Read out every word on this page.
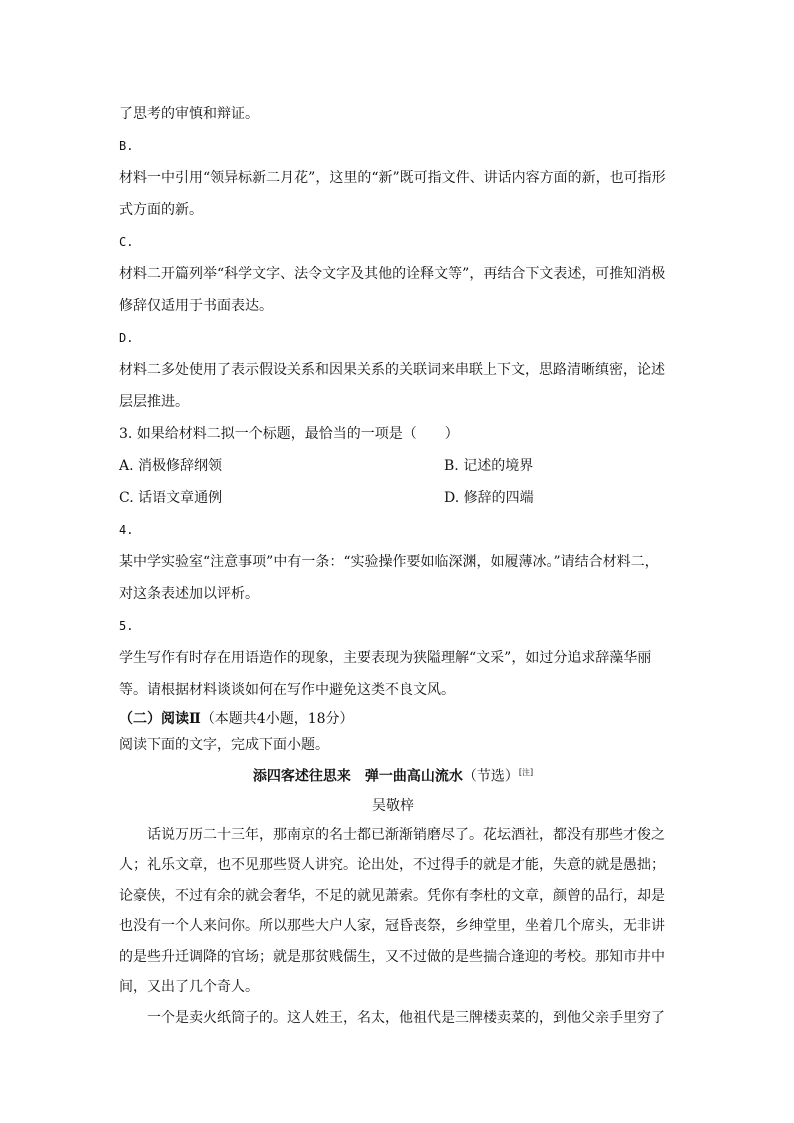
了思考的审慎和辩证。
B.
材料一中引用“领异标新二月花”，这里的“新”既可指文件、讲话内容方面的新，也可指形式方面的新。
C.
材料二开篇列举“科学文字、法令文字及其他的诠释文等”，再结合下文表述，可推知消极修辞仅适用于书面表达。
D.
材料二多处使用了表示假设关系和因果关系的关联词来串联上下文，思路清晰缜密，论述层层推进。
3. 如果给材料二拟一个标题，最恰当的一项是（　　）
A. 消极修辞纲领	B. 记述的境界
C. 话语文章通例	D. 修辞的四端
4.
某中学实验室“注意事项”中有一条：“实验操作要如临深渊，如履薄冰。”请结合材料二，对这条表述加以评析。
5.
学生写作有时存在用语造作的现象，主要表现为狭隘理解“文采”，如过分追求辞藻华丽等。请根据材料谈谈如何在写作中避免这类不良文风。
（二）阅读Ⅱ（本题共4小题，18分）
阅读下面的文字，完成下面小题。
添四客述往思来　弹一曲高山流水（节选）[注]
吴敬梓
话说万历二十三年，那南京的名士都已渐渐销磨尽了。花坛酒社，都没有那些才俊之人；礼乐文章，也不见那些贤人讲究。论出处，不过得手的就是才能，失意的就是愚拙；论豪侠，不过有余的就会奢华，不足的就见萧索。凭你有李杜的文章，颜曾的品行，却是也没有一个人来问你。所以那些大户人家，冠昏丧祭，乡绅堂里，坐着几个席头，无非讲的是些升迁调降的官场；就是那贫贱儒生，又不过做的是些揣合逢迎的考校。那知市井中间，又出了几个奇人。
一个是卖火纸筒子的。这人姓王，名太，他祖代是三牌楼卖菜的，到他父亲手里穷了
